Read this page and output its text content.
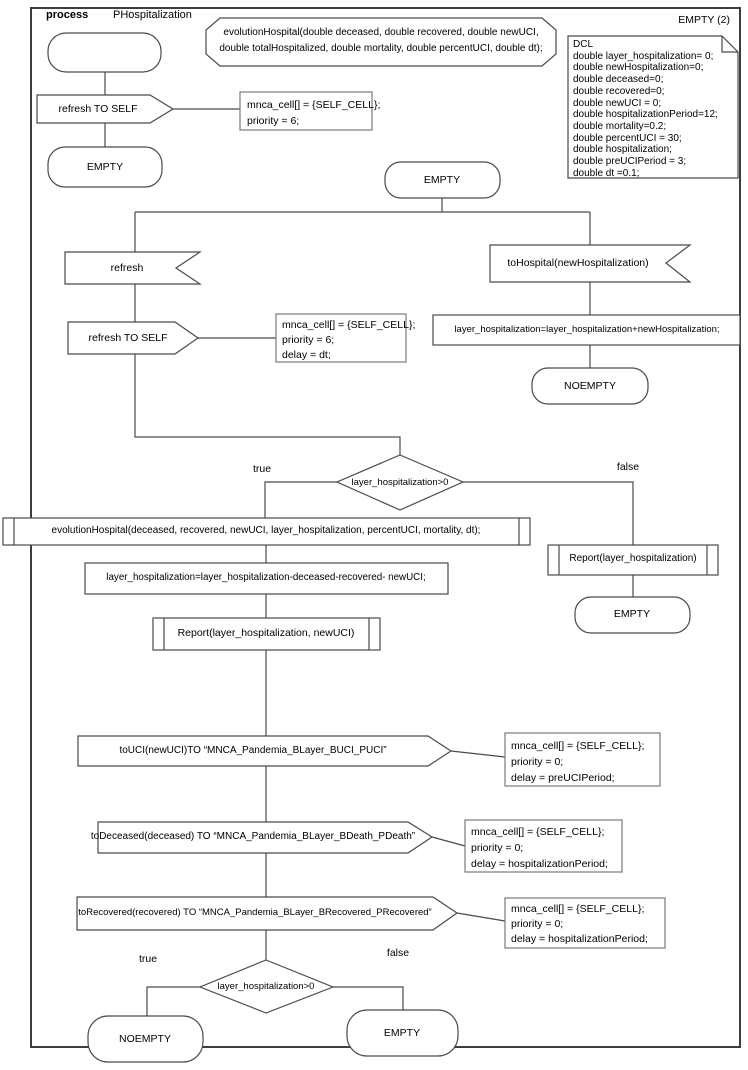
process PHospitalization	EMPTY (2)
evolutionHospital(double deceased, double recovered, double newUCI,
double totalHospitalized, double mortality, double percentUCI, double dt);	DCL
double layer_hospitalization= 0;
double newHospitalization=0;
double deceased=0;
double recovered=0;
double newUCI = 0;
double hospitalizationPeriod=12;
double mortality=0.2;
double percentUCI = 30;
double hospitalization;
double preUCIPeriod = 3;
double dt =0.1;
refresh TO SELF	mnca_cell[] = {SELF_CELL};
priority = 6;
EMPTY
EMPTY
refresh
refresh TO SELF
mnca_cell[] = {SELF_CELL};
priority = 6;
delay = dt;
toHospital(newHospitalization)
layer_hospitalization=layer_hospitalization+newHospitalization;
NOEMPTY
layer_hospitalization>0
true	false
evolutionHospital(deceased, recovered, newUCI, layer_hospitalization, percentUCI, mortality, dt);
layer_hospitalization=layer_hospitalization-deceased-recovered- newUCI;
Report(layer_hospitalization, newUCI)
Report(layer_hospitalization)
EMPTY
toUCI(newUCI)TO “MNCA_Pandemia_BLayer_BUCI_PUCI”	mnca_cell[] = {SELF_CELL};
priority = 0;
delay = preUCIPeriod;
toDeceased(deceased) TO “MNCA_Pandemia_BLayer_BDeath_PDeath”	mnca_cell[] = {SELF_CELL};
priority = 0;
delay = hospitalizationPeriod;
toRecovered(recovered) TO “MNCA_Pandemia_BLayer_BRecovered_PRecovered”	mnca_cell[] = {SELF_CELL};
priority = 0;
delay = hospitalizationPeriod;
layer_hospitalization>0
true	false
NOEMPTY	EMPTY
